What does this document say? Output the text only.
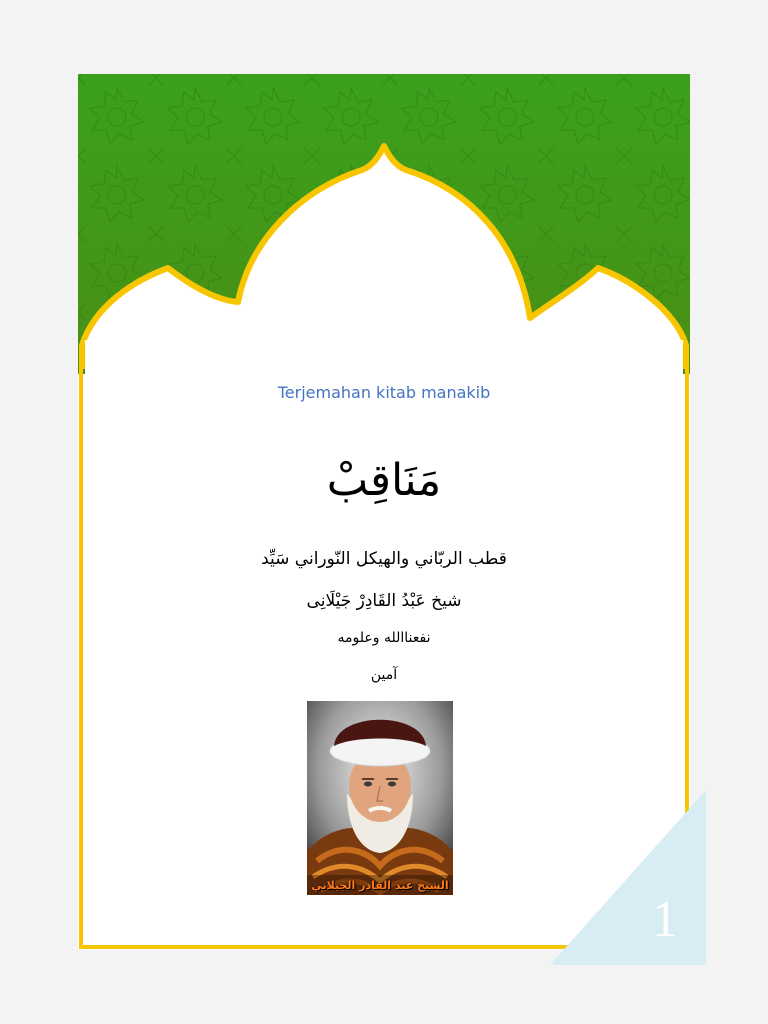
Terjemahan kitab manakib
مَنَاقِبْ
قطب الربّاني والهيكل النّوراني سَيِّد
شيخ عَبْدُ القَادِرْ جَيْلَانِى
نفعناالله وعلومه
آمين
الشيخ عبد القادر الجيلاني
1
